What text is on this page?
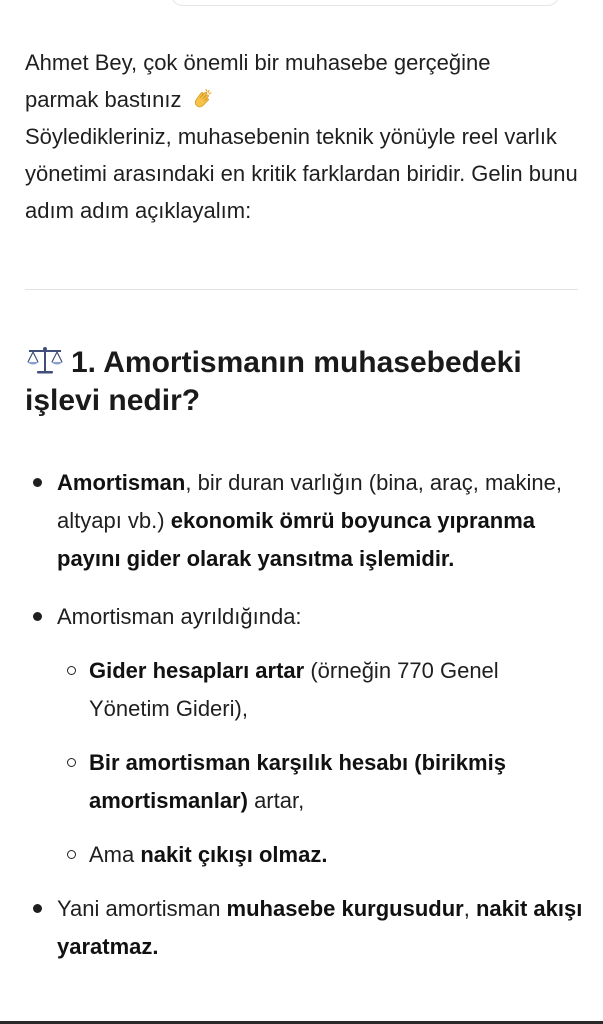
Ahmet Bey, çok önemli bir muhasebe gerçeğine

parmak bastınız

Söyledikleriniz, muhasebenin teknik yönüyle reel varlık yönetimi arasındaki en kritik farklardan biridir. Gelin bunu adım adım açıklayalım:

1. Amortismanın muhasebedeki işlevi nedir?
Amortisman, bir duran varlığın (bina, araç, makine, altyapı vb.) ekonomik ömrü boyunca yıpranma payını gider olarak yansıtma işlemidir.
Amortisman ayrıldığında:
Gider hesapları artar (örneğin 770 Genel Yönetim Gideri),
Bir amortisman karşılık hesabı (birikmiş amortismanlar) artar,
Ama nakit çıkışı olmaz.
Yani amortisman muhasebe kurgusudur, nakit akışı yaratmaz.
